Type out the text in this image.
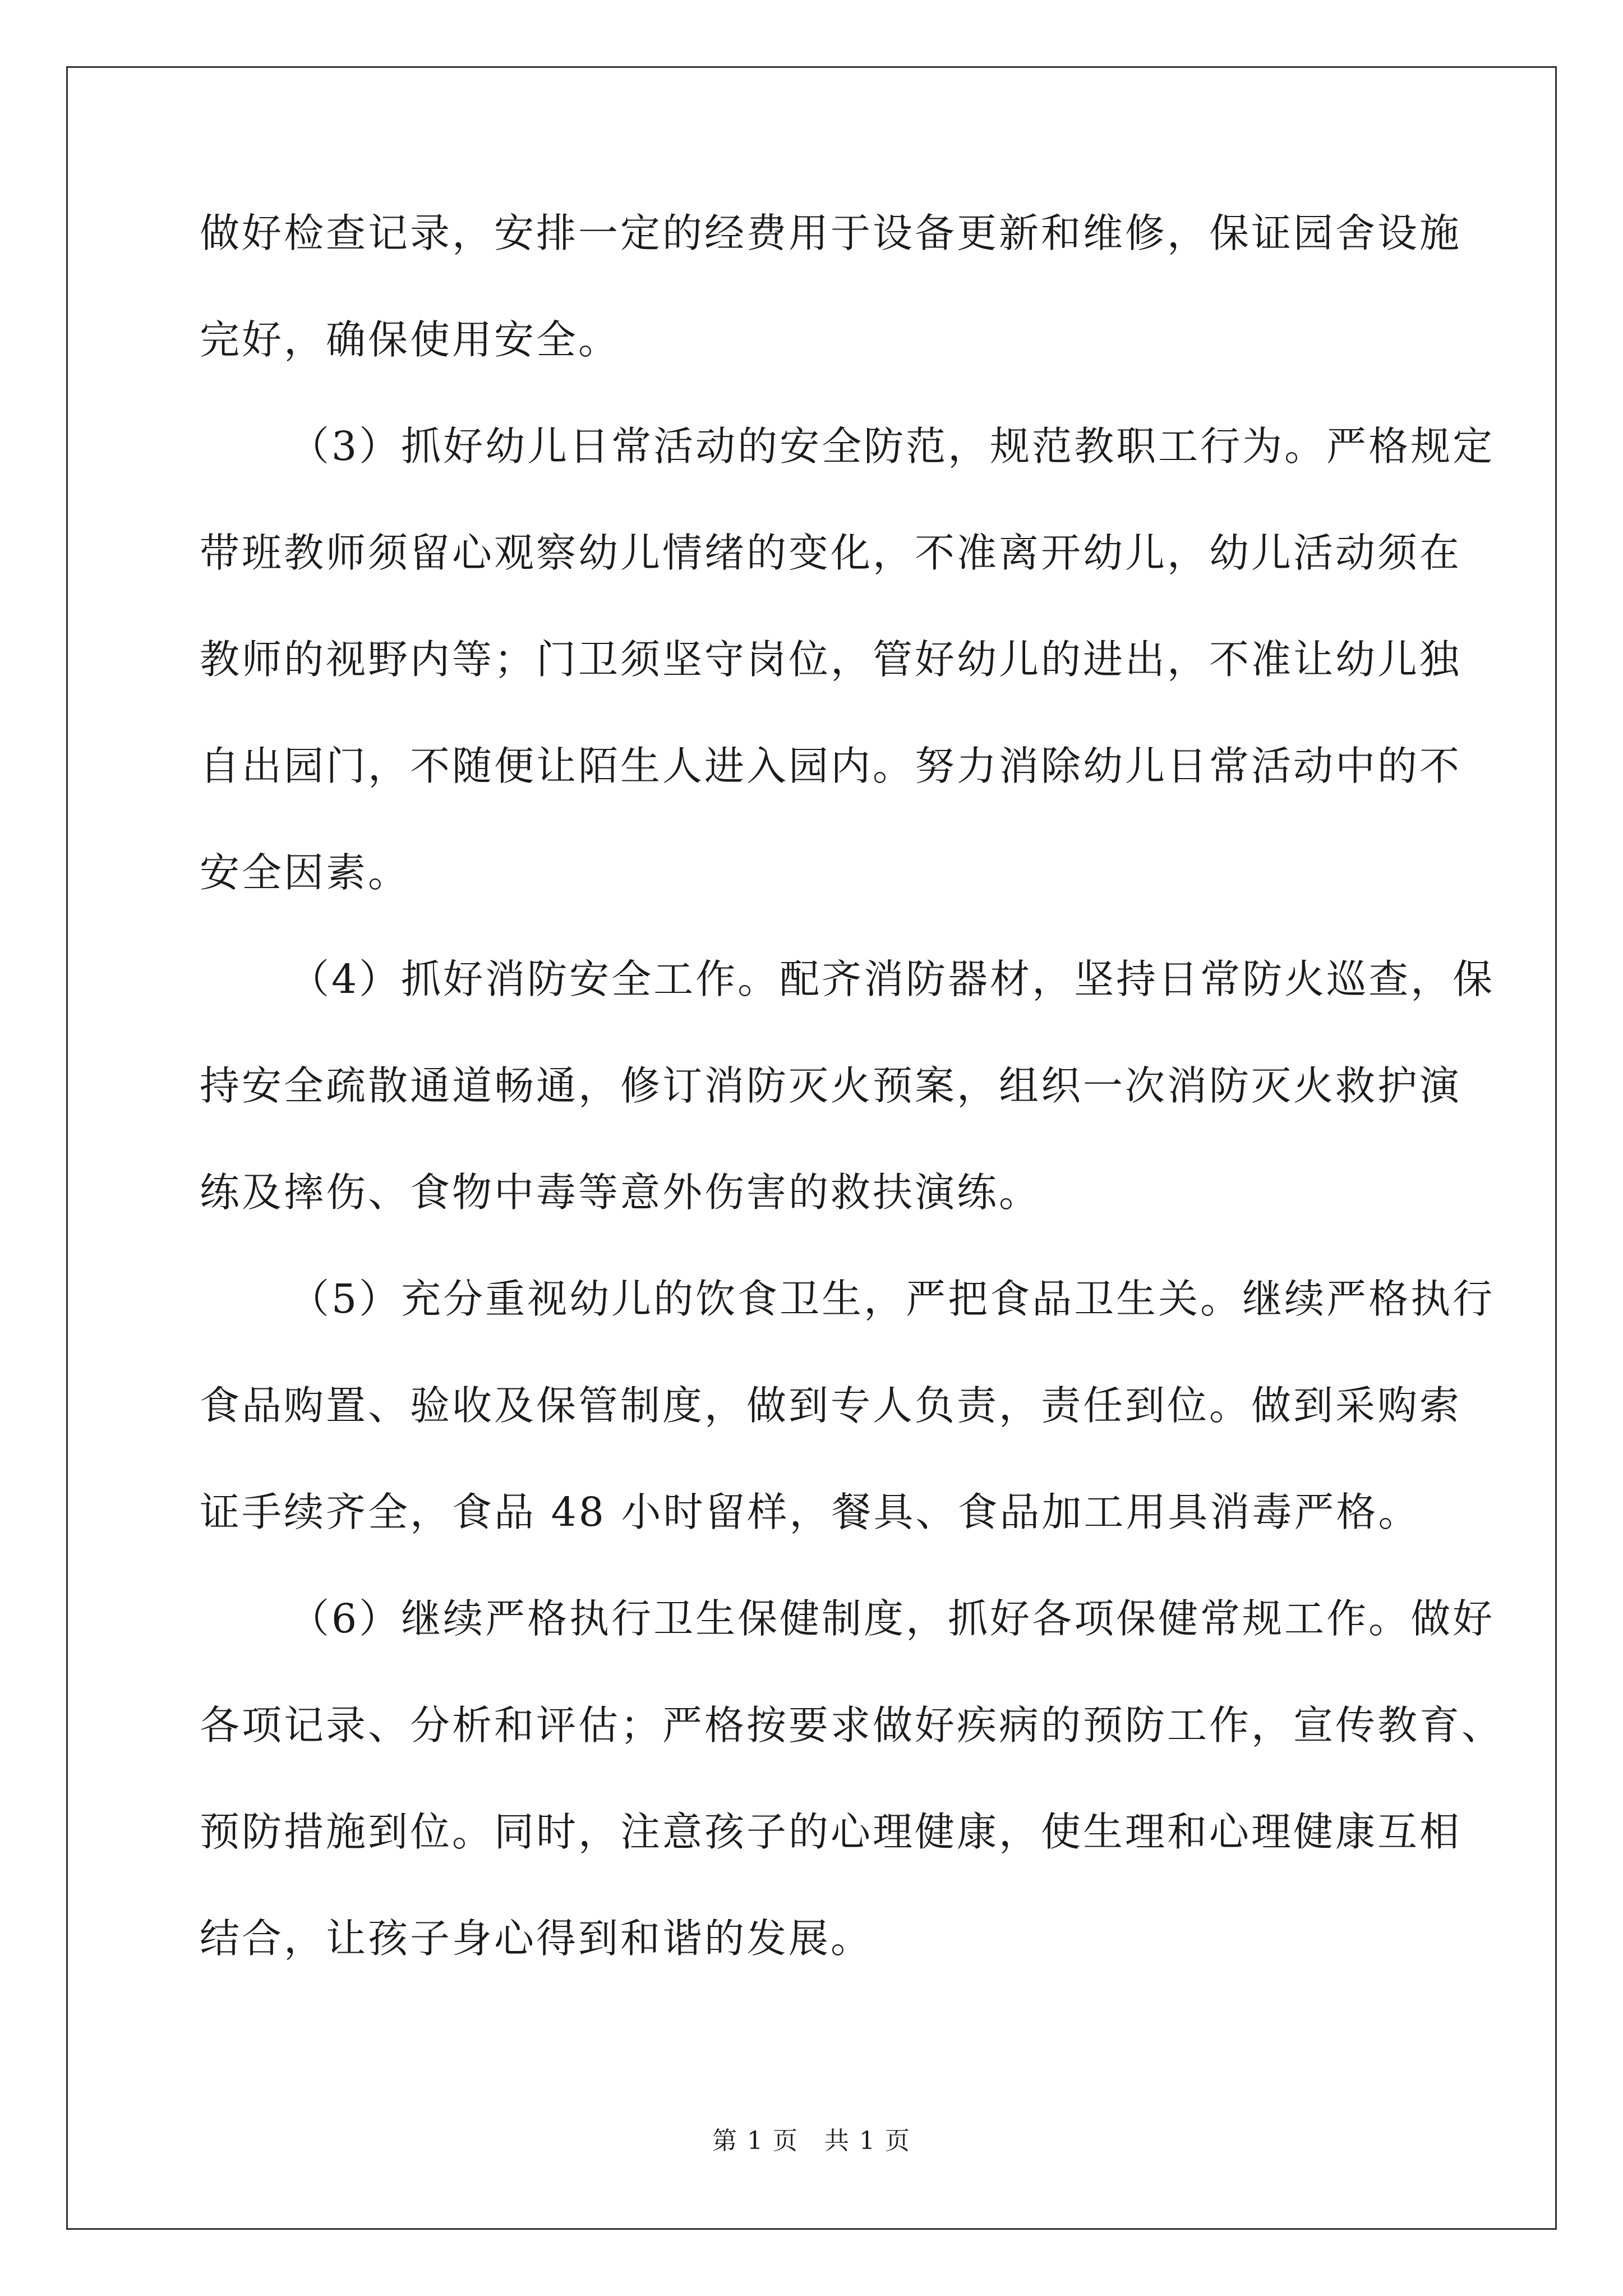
做好检查记录，安排一定的经费用于设备更新和维修，保证园舍设施
完好，确保使用安全。
（3）抓好幼儿日常活动的安全防范，规范教职工行为。严格规定
带班教师须留心观察幼儿情绪的变化，不准离开幼儿，幼儿活动须在
教师的视野内等；门卫须坚守岗位，管好幼儿的进出，不准让幼儿独
自出园门，不随便让陌生人进入园内。努力消除幼儿日常活动中的不
安全因素。
（4）抓好消防安全工作。配齐消防器材，坚持日常防火巡查，保
持安全疏散通道畅通，修订消防灭火预案，组织一次消防灭火救护演
练及摔伤、食物中毒等意外伤害的救扶演练。
（5）充分重视幼儿的饮食卫生，严把食品卫生关。继续严格执行
食品购置、验收及保管制度，做到专人负责，责任到位。做到采购索
证手续齐全，食品 48 小时留样，餐具、食品加工用具消毒严格。
（6）继续严格执行卫生保健制度，抓好各项保健常规工作。做好
各项记录、分析和评估；严格按要求做好疾病的预防工作，宣传教育、
预防措施到位。同时，注意孩子的心理健康，使生理和心理健康互相
结合，让孩子身心得到和谐的发展。
第 1 页　共 1 页
